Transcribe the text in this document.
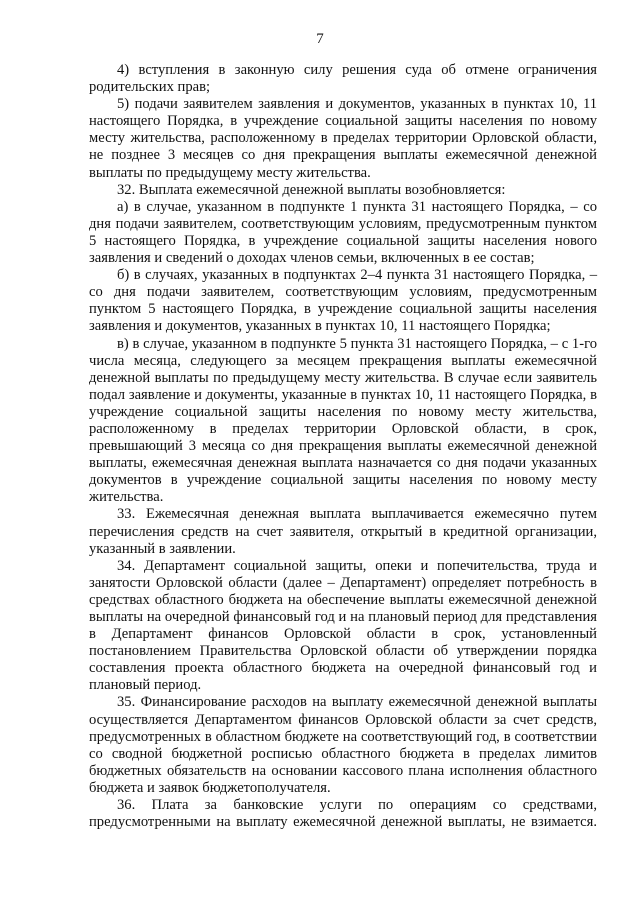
7

4) вступления в законную силу решения суда об отмене ограничения родительских прав;

5) подачи заявителем заявления и документов, указанных в пунктах 10, 11 настоящего Порядка, в учреждение социальной защиты населения по новому месту жительства, расположенному в пределах территории Орловской области, не позднее 3 месяцев со дня прекращения выплаты ежемесячной денежной выплаты по предыдущему месту жительства.

32. Выплата ежемесячной денежной выплаты возобновляется:

а) в случае, указанном в подпункте 1 пункта 31 настоящего Порядка, – со дня подачи заявителем, соответствующим условиям, предусмотренным пунктом 5 настоящего Порядка, в учреждение социальной защиты населения нового заявления и сведений о доходах членов семьи, включенных в ее состав;

б) в случаях, указанных в подпунктах 2–4 пункта 31 настоящего Порядка, – со дня подачи заявителем, соответствующим условиям, предусмотренным пунктом 5 настоящего Порядка, в учреждение социальной защиты населения заявления и документов, указанных в пунктах 10, 11 настоящего Порядка;

в) в случае, указанном в подпункте 5 пункта 31 настоящего Порядка, – с 1-го числа месяца, следующего за месяцем прекращения выплаты ежемесячной денежной выплаты по предыдущему месту жительства. В случае если заявитель подал заявление и документы, указанные в пунктах 10, 11 настоящего Порядка, в учреждение социальной защиты населения по новому месту жительства, расположенному в пределах территории Орловской области, в срок, превышающий 3 месяца со дня прекращения выплаты ежемесячной денежной выплаты, ежемесячная денежная выплата назначается со дня подачи указанных документов в учреждение социальной защиты населения по новому месту жительства.

33. Ежемесячная денежная выплата выплачивается ежемесячно путем перечисления средств на счет заявителя, открытый в кредитной организации, указанный в заявлении.

34. Департамент социальной защиты, опеки и попечительства, труда и занятости Орловской области (далее – Департамент) определяет потребность в средствах областного бюджета на обеспечение выплаты ежемесячной денежной выплаты на очередной финансовый год и на плановый период для представления в Департамент финансов Орловской области в срок, установленный постановлением Правительства Орловской области об утверждении порядка составления проекта областного бюджета на очередной финансовый год и плановый период.

35. Финансирование расходов на выплату ежемесячной денежной выплаты осуществляется Департаментом финансов Орловской области за счет средств, предусмотренных в областном бюджете на соответствующий год, в соответствии со сводной бюджетной росписью областного бюджета в пределах лимитов бюджетных обязательств на основании кассового плана исполнения областного бюджета и заявок бюджетополучателя.

36. Плата за банковские услуги по операциям со средствами, предусмотренными на выплату ежемесячной денежной выплаты, не взимается.
